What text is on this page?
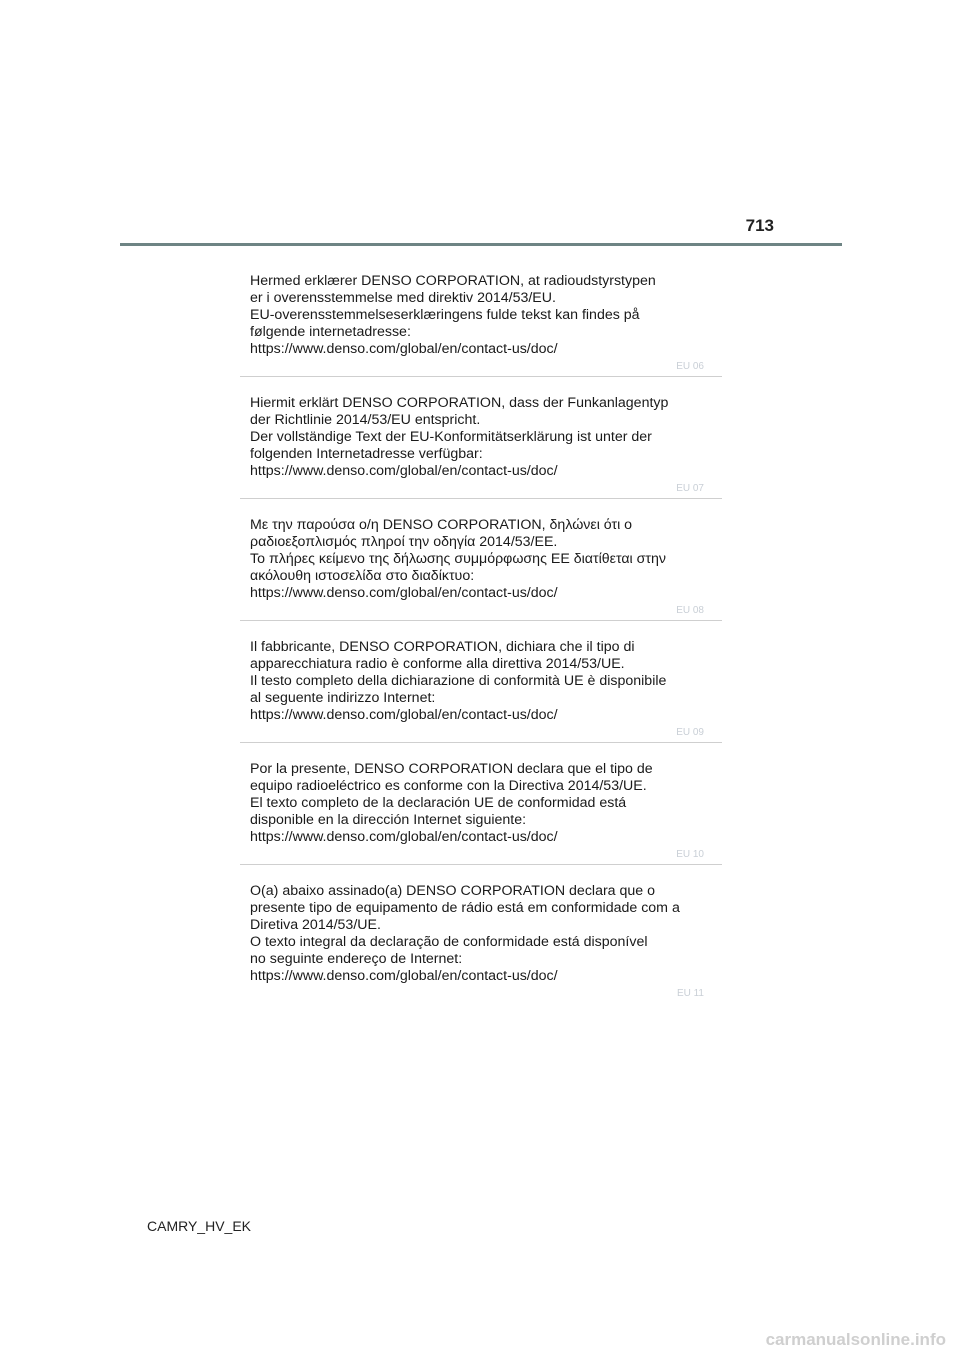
713
Hermed erklærer DENSO CORPORATION, at radioudstyrstypen
er i overensstemmelse med direktiv 2014/53/EU.
EU-overensstemmelseserklæringens fulde tekst kan findes på
følgende internetadresse:
https://www.denso.com/global/en/contact-us/doc/
EU 06
Hiermit erklärt DENSO CORPORATION, dass der Funkanlagentyp
der Richtlinie 2014/53/EU entspricht.
Der vollständige Text der EU-Konformitätserklärung ist unter der
folgenden Internetadresse verfügbar:
https://www.denso.com/global/en/contact-us/doc/
EU 07
Με την παρούσα ο/η DENSO CORPORATION, δηλώνει ότι ο
ραδιοεξοπλισμός πληροί την οδηγία 2014/53/ΕΕ.
Το πλήρες κείμενο της δήλωσης συμμόρφωσης ΕΕ διατίθεται στην
ακόλουθη ιστοσελίδα στο διαδίκτυο:
https://www.denso.com/global/en/contact-us/doc/
EU 08
Il fabbricante, DENSO CORPORATION, dichiara che il tipo di
apparecchiatura radio è conforme alla direttiva 2014/53/UE.
Il testo completo della dichiarazione di conformità UE è disponibile
al seguente indirizzo Internet:
https://www.denso.com/global/en/contact-us/doc/
EU 09
Por la presente, DENSO CORPORATION declara que el tipo de
equipo radioeléctrico es conforme con la Directiva 2014/53/UE.
El texto completo de la declaración UE de conformidad está
disponible en la dirección Internet siguiente:
https://www.denso.com/global/en/contact-us/doc/
EU 10
O(a) abaixo assinado(a) DENSO CORPORATION declara que o
presente tipo de equipamento de rádio está em conformidade com a
Diretiva 2014/53/UE.
O texto integral da declaração de conformidade está disponível
no seguinte endereço de Internet:
https://www.denso.com/global/en/contact-us/doc/
EU 11
CAMRY_HV_EK
carmanualsonline.info
